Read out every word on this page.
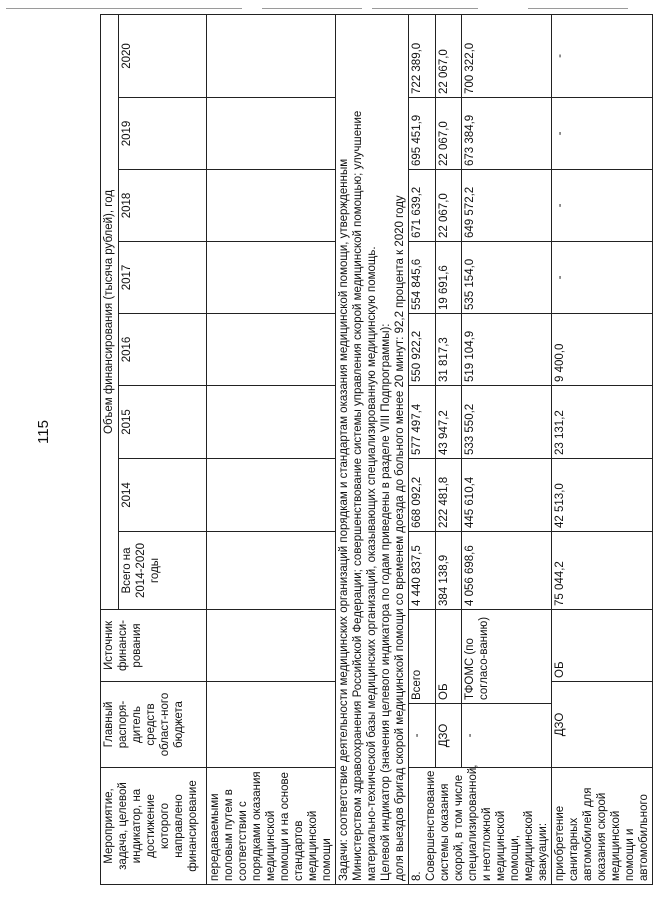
115
Мероприятие, задача, целевой индикатор, на достижение которого направлено финансирование	Главный распоря-дитель средств област-ного бюджета		Источник финанси-рования	Объем финансирования (тысяча рублей), год							
				Всего на 2014-2020 годы	2014	2015	2016	2017	2018	2019	2020
передаваемыми половым путем в соответствии с порядками оказания медицинской помощи и на основе стандартов медицинской помощи											

Задачи: соответствие деятельности медицинских организаций порядкам и стандартам оказания медицинской помощи, утвержденным Министерством здравоохранения Российской Федерации; совершенствование системы управления скорой медицинской помощью; улучшение материально-технической базы медицинских организаций, оказывающих специализированную медицинскую помощь. Целевой индикатор (значения целевого индикатора по годам приведены в разделе VIII Подпрограммы): доля выездов бригад скорой медицинской помощи со временем доезда до больного менее 20 минут: 92,2 процента к 2020 году											

8. Совершенствование системы оказания скорой, в том числе специализированной, и неотложной медицинской помощи, медицинской эвакуации:	-	Всего		4 440 837,5	668 092,2	577 497,4	550 922,2	554 845,6	671 639,2	695 451,9	722 389,0
	ДЗО	ОБ		384 138,9	222 481,8	43 947,2	31 817,3	19 691,6	22 067,0	22 067,0	22 067,0
	-	ТФОМС (по согласо-ванию)		4 056 698,6	445 610,4	533 550,2	519 104,9	535 154,0	649 572,2	673 384,9	700 322,0
приобретение санитарных автомобилей для оказания скорой медицинской помощи и автомобильного	ДЗО		ОБ	75 044,2	42 513,0	23 131,2	9 400,0	-	-	-	-
